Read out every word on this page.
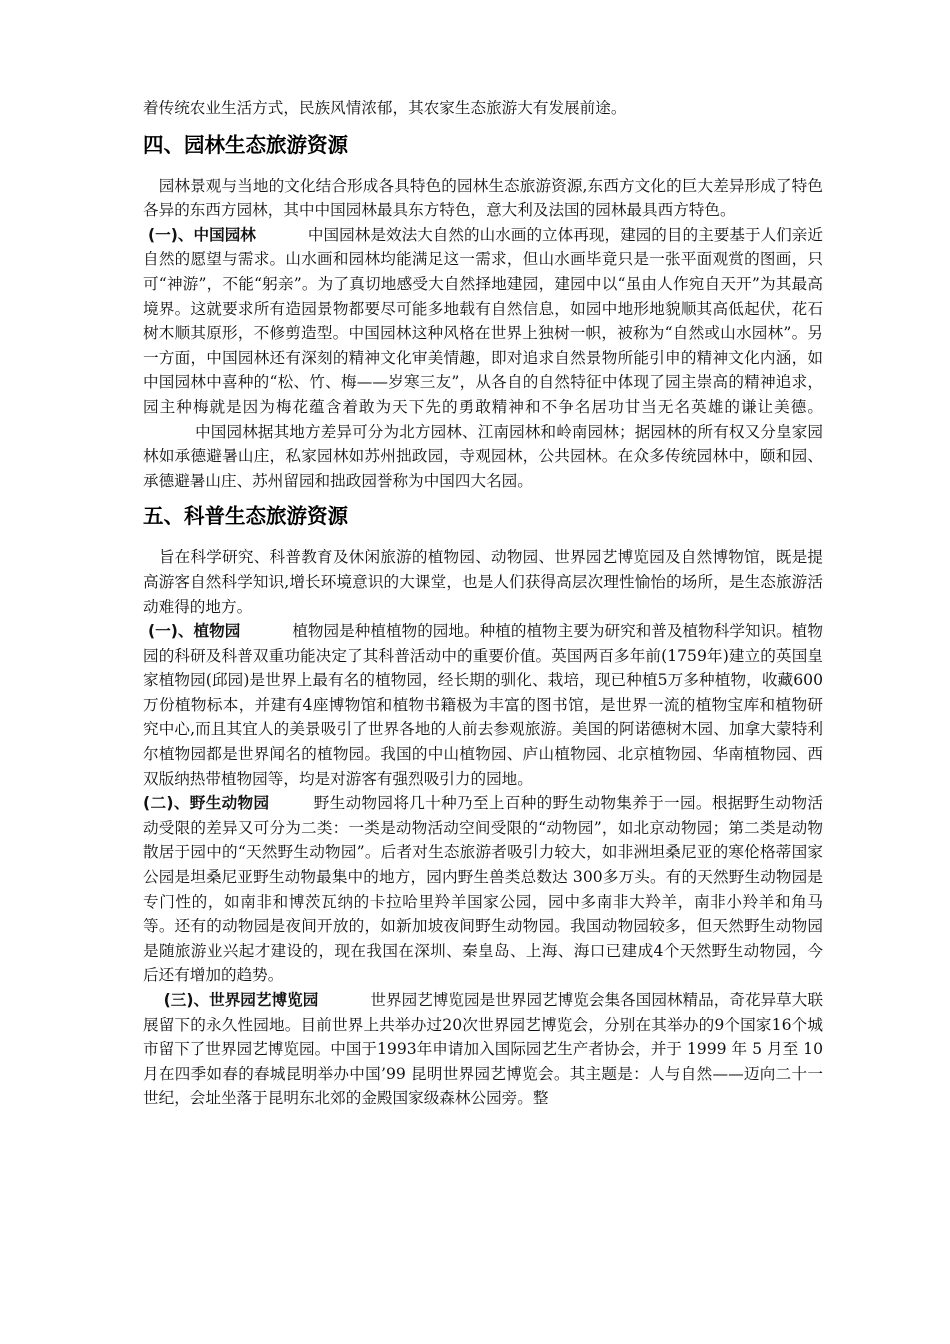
着传统农业生活方式，民族风情浓郁，其农家生态旅游大有发展前途。

四、园林生态旅游资源

　园林景观与当地的文化结合形成各具特色的园林生态旅游资源,东西方文化的巨大差异形成了特色各异的东西方园林，其中中国园林最具东方特色，意大利及法国的园林最具西方特色。

(一)、中国园林	中国园林是效法大自然的山水画的立体再现，建园的目的主要基于人们亲近自然的愿望与需求。山水画和园林均能满足这一需求，但山水画毕竟只是一张平面观赏的图画，只可“神游”，不能“躬亲”。为了真切地感受大自然择地建园，建园中以“虽由人作宛自天开”为其最高境界。这就要求所有造园景物都要尽可能多地载有自然信息，如园中地形地貌顺其高低起伏，花石树木顺其原形，不修剪造型。中国园林这种风格在世界上独树一帜，被称为“自然或山水园林”。另一方面，中国园林还有深刻的精神文化审美情趣，即对追求自然景物所能引申的精神文化内涵，如中国园林中喜种的“松、竹、梅——岁寒三友”，从各自的自然特征中体现了园主崇高的精神追求，园主种梅就是因为梅花蕴含着敢为天下先的勇敢精神和不争名居功甘当无名英雄的谦让美德。中国园林据其地方差异可分为北方园林、江南园林和岭南园林；据园林的所有权又分皇家园林如承德避暑山庄，私家园林如苏州拙政园，寺观园林，公共园林。在众多传统园林中，颐和园、承德避暑山庄、苏州留园和拙政园誉称为中国四大名园。

五、科普生态旅游资源

　旨在科学研究、科普教育及休闲旅游的植物园、动物园、世界园艺博览园及自然博物馆，既是提高游客自然科学知识,增长环境意识的大课堂，也是人们获得高层次理性愉怡的场所，是生态旅游活动难得的地方。

(一)、植物园	植物园是种植植物的园地。种植的植物主要为研究和普及植物科学知识。植物园的科研及科普双重功能决定了其科普活动中的重要价值。英国两百多年前(1759年)建立的英国皇家植物园(邱园)是世界上最有名的植物园，经长期的驯化、栽培，现已种植5万多种植物，收藏600万份植物标本，并建有4座博物馆和植物书籍极为丰富的图书馆，是世界一流的植物宝库和植物研究中心,而且其宜人的美景吸引了世界各地的人前去参观旅游。美国的阿诺德树木园、加拿大蒙特利尔植物园都是世界闻名的植物园。我国的中山植物园、庐山植物园、北京植物园、华南植物园、西双版纳热带植物园等，均是对游客有强烈吸引力的园地。

(二)、野生动物园	野生动物园将几十种乃至上百种的野生动物集养于一园。根据野生动物活动受限的差异又可分为二类：一类是动物活动空间受限的“动物园”，如北京动物园；第二类是动物散居于园中的“天然野生动物园”。后者对生态旅游者吸引力较大，如非洲坦桑尼亚的寒伦格蒂国家公园是坦桑尼亚野生动物最集中的地方，园内野生兽类总数达 300多万头。有的天然野生动物园是专门性的，如南非和博茨瓦纳的卡拉哈里羚羊国家公园，园中多南非大羚羊，南非小羚羊和角马等。还有的动物园是夜间开放的，如新加坡夜间野生动物园。我国动物园较多，但天然野生动物园是随旅游业兴起才建设的，现在我国在深圳、秦皇岛、上海、海口已建成4个天然野生动物园，今后还有增加的趋势。

　 (三)、世界园艺博览园	世界园艺博览园是世界园艺博览会集各国园林精品，奇花异草大联展留下的永久性园地。目前世界上共举办过20次世界园艺博览会，分别在其举办的9个国家16个城市留下了世界园艺博览园。中国于1993年申请加入国际园艺生产者协会，并于 1999 年 5 月至 10 月在四季如春的春城昆明举办中国’99 昆明世界园艺博览会。其主题是：人与自然——迈向二十一世纪，会址坐落于昆明东北郊的金殿国家级森林公园旁。整
